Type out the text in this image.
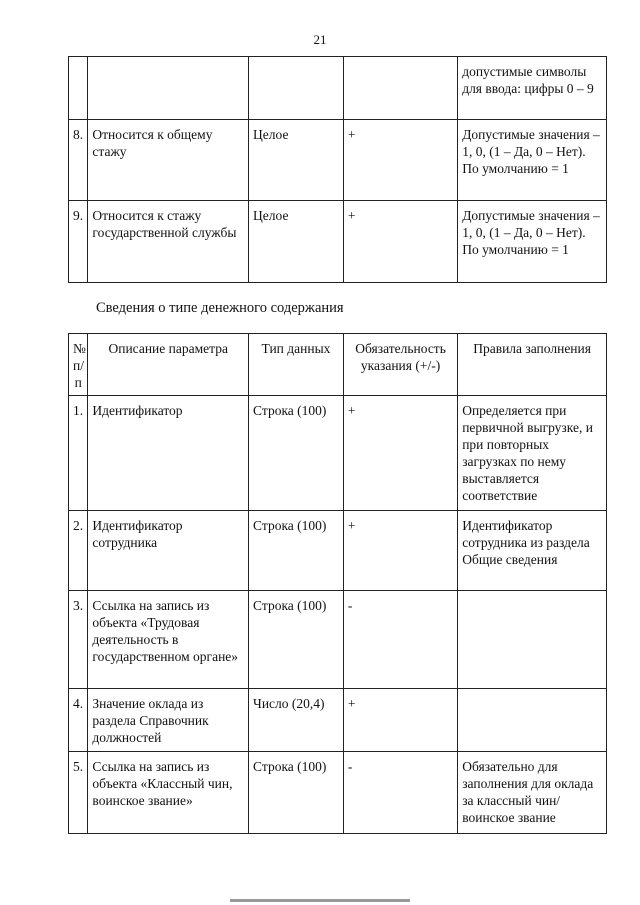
21
				допустимые символы для ввода: цифры 0 – 9
8.	Относится к общему стажу	Целое	+	Допустимые значения – 1, 0, (1 – Да, 0 – Нет). По умолчанию = 1
9.	Относится к стажу государственной службы	Целое	+	Допустимые значения – 1, 0, (1 – Да, 0 – Нет). По умолчанию = 1
Сведения о типе денежного содержания
№ п/п	Описание параметра	Тип данных	Обязательность указания (+/-)	Правила заполнения
1.	Идентификатор	Строка (100)	+	Определяется при первичной выгрузке, и при повторных загрузках по нему выставляется соответствие
2.	Идентификатор сотрудника	Строка (100)	+	Идентификатор сотрудника из раздела Общие сведения
3.	Ссылка на запись из объекта «Трудовая деятельность в государственном органе»	Строка (100)	-	
4.	Значение оклада из раздела Справочник должностей	Число (20,4)	+	
5.	Ссылка на запись из объекта «Классный чин, воинское звание»	Строка (100)	-	Обязательно для заполнения для оклада за классный чин/воинское звание
